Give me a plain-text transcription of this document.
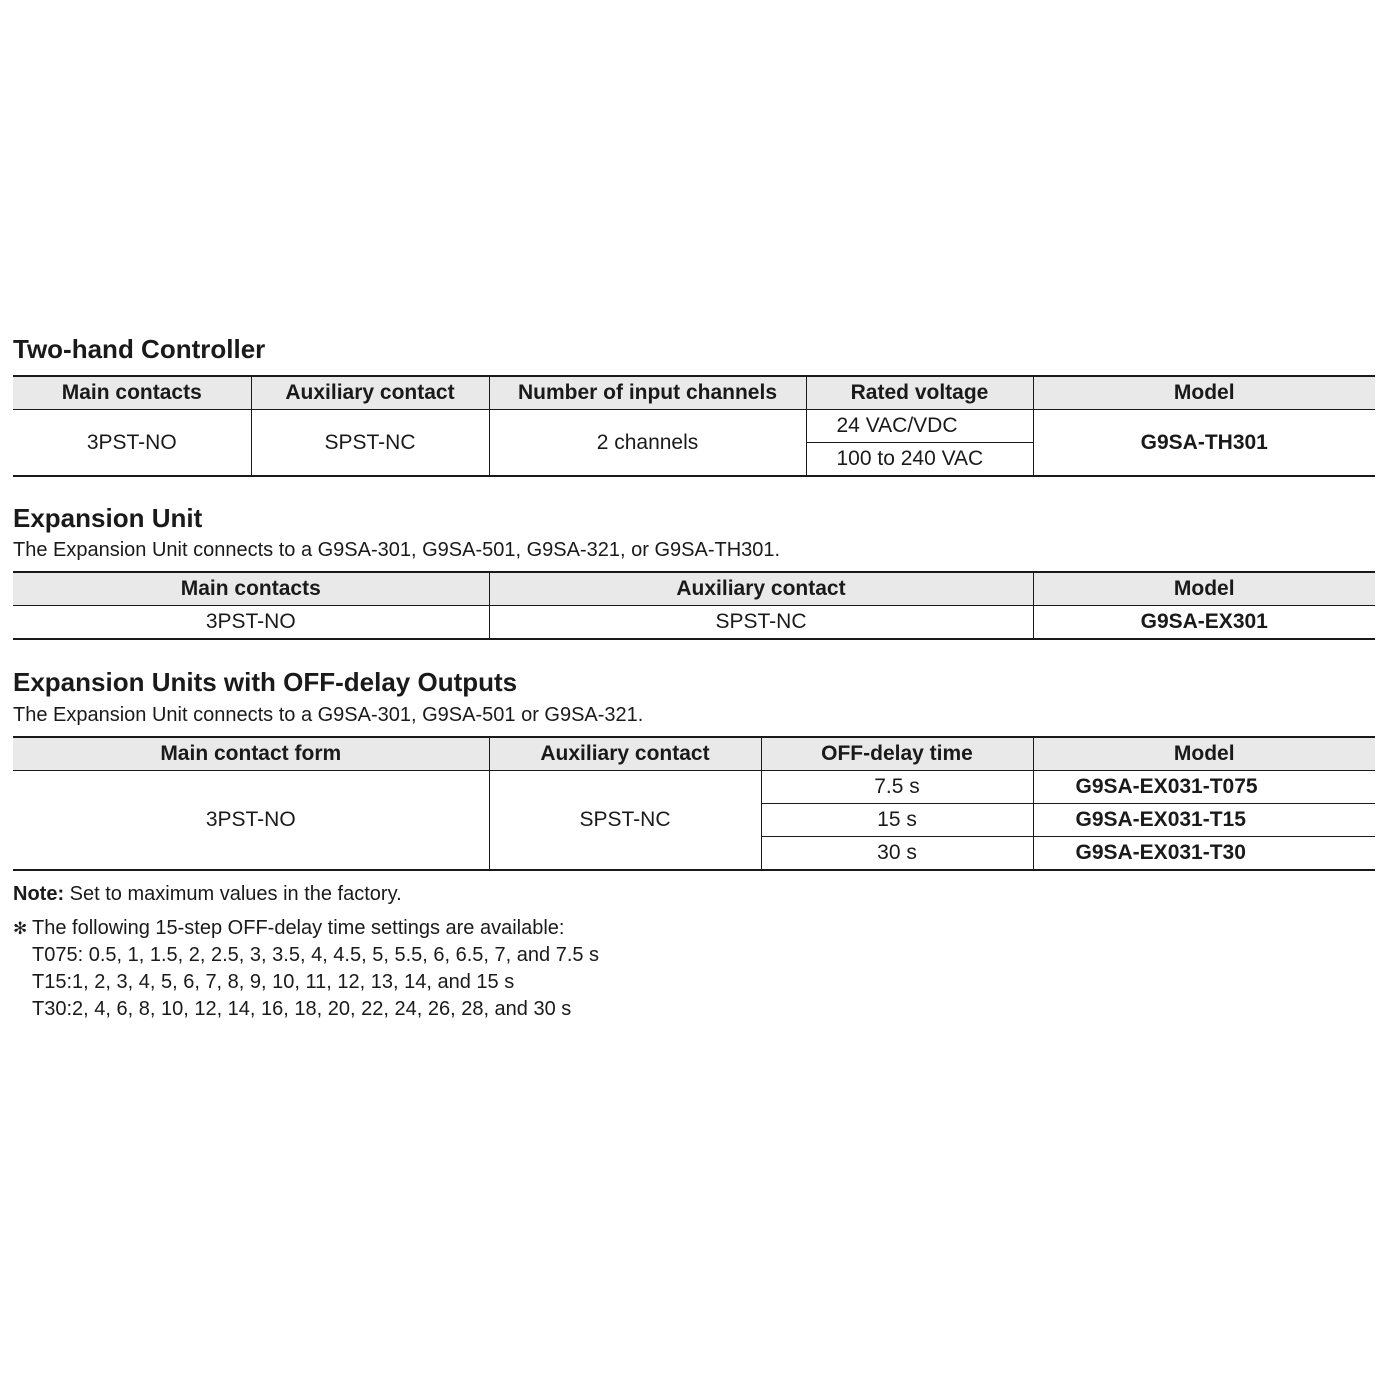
Two-hand Controller
Main contacts	Auxiliary contact	Number of input channels	Rated voltage	Model
3PST-NO	SPST-NC	2 channels	24 VAC/VDC	G9SA-TH301
			100 to 240 VAC	
Expansion Unit

The Expansion Unit connects to a G9SA-301, G9SA-501, G9SA-321, or G9SA-TH301.

Main contacts	Auxiliary contact	Model
3PST-NO	SPST-NC	G9SA-EX301
Expansion Units with OFF-delay Outputs

The Expansion Unit connects to a G9SA-301, G9SA-501 or G9SA-321.

Main contact form	Auxiliary contact	OFF-delay time	Model
3PST-NO	SPST-NC	7.5 s	G9SA-EX031-T075
		15 s	G9SA-EX031-T15
		30 s	G9SA-EX031-T30

Note: Set to maximum values in the factory.

✻ The following 15-step OFF-delay time settings are available:
T075: 0.5, 1, 1.5, 2, 2.5, 3, 3.5, 4, 4.5, 5, 5.5, 6, 6.5, 7, and 7.5 s
T15:1, 2, 3, 4, 5, 6, 7, 8, 9, 10, 11, 12, 13, 14, and 15 s
T30:2, 4, 6, 8, 10, 12, 14, 16, 18, 20, 22, 24, 26, 28, and 30 s
